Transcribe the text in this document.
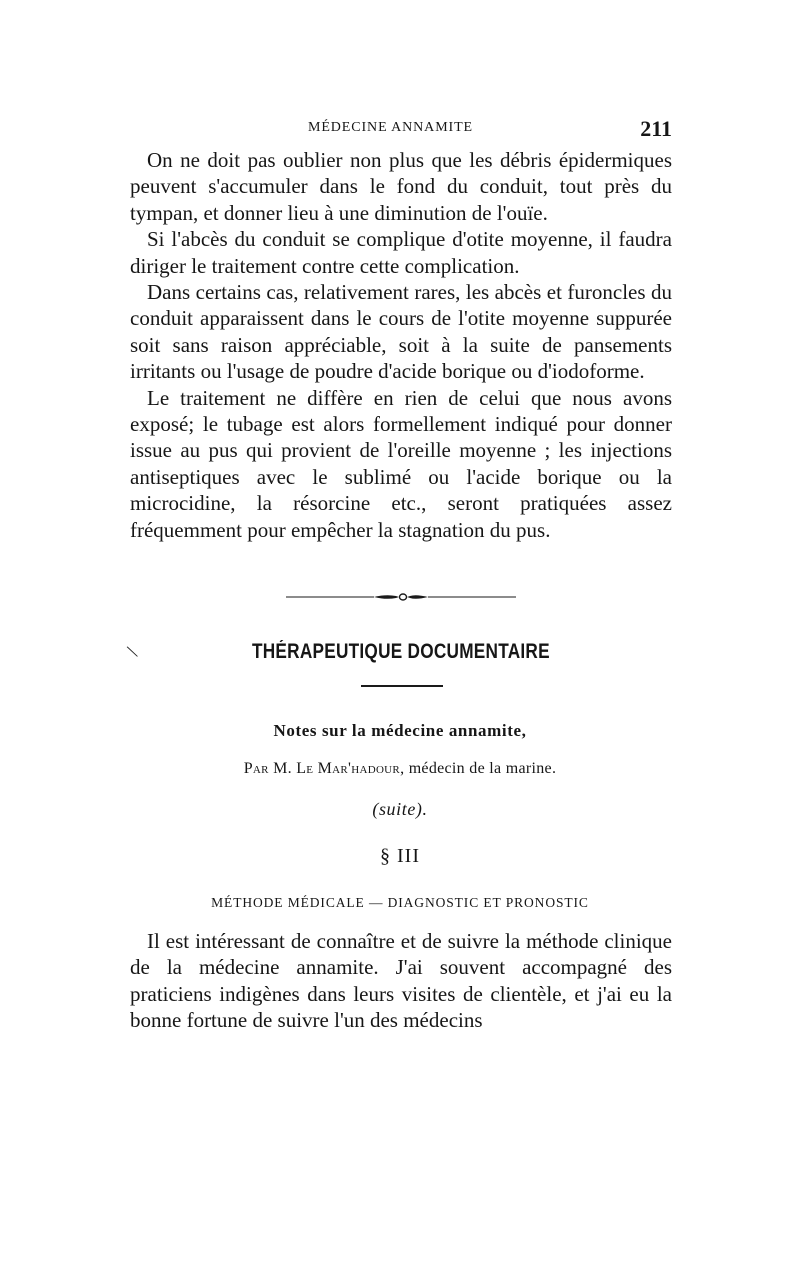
MÉDECINE ANNAMITE	211

On ne doit pas oublier non plus que les débris épidermiques peuvent s'accumuler dans le fond du conduit, tout près du tympan, et donner lieu à une diminution de l'ouïe.

Si l'abcès du conduit se complique d'otite moyenne, il faudra diriger le traitement contre cette complication.

Dans certains cas, relativement rares, les abcès et furoncles du conduit apparaissent dans le cours de l'otite moyenne suppurée soit sans raison appréciable, soit à la suite de pansements irritants ou l'usage de poudre d'acide borique ou d'iodoforme.

Le traitement ne diffère en rien de celui que nous avons exposé; le tubage est alors formellement indiqué pour donner issue au pus qui provient de l'oreille moyenne ; les injections antiseptiques avec le sublimé ou l'acide borique ou la microcidine, la résorcine etc., seront pratiquées assez fréquemment pour empêcher la stagnation du pus.

\	THÉRAPEUTIQUE DOCUMENTAIRE
Notes sur la médecine annamite,
Par M. Le Mar'hadour, médecin de la marine.
(suite).
§ III
MÉTHODE MÉDICALE — DIAGNOSTIC ET PRONOSTIC

Il est intéressant de connaître et de suivre la méthode clinique de la médecine annamite. J'ai souvent accompagné des praticiens indigènes dans leurs visites de clientèle, et j'ai eu la bonne fortune de suivre l'un des médecins
